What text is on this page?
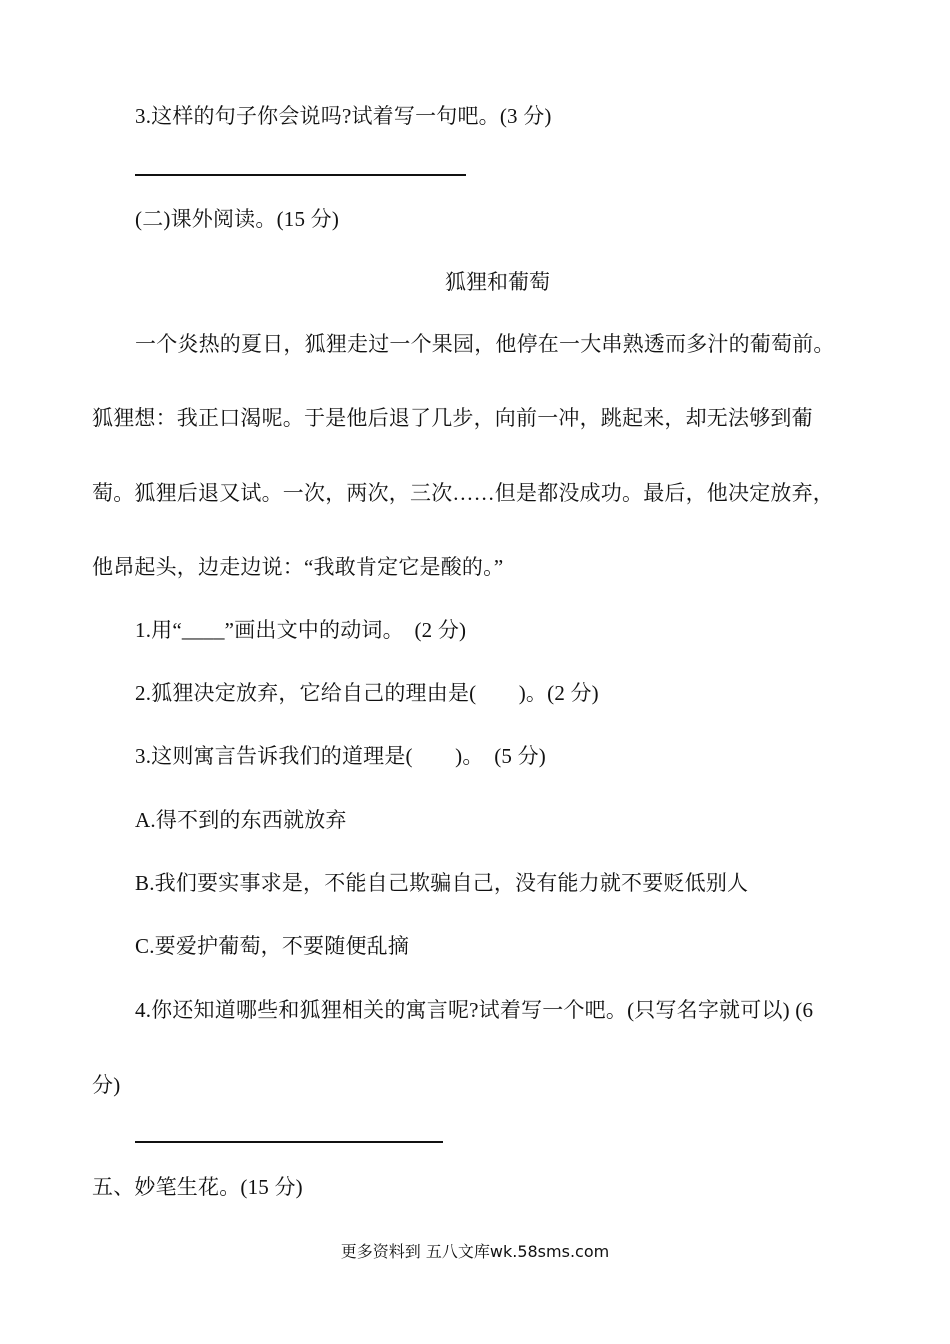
3.这样的句子你会说吗?试着写一句吧。(3 分)
(二)课外阅读。(15 分)
狐狸和葡萄
一个炎热的夏日，狐狸走过一个果园，他停在一大串熟透而多汁的葡萄前。
狐狸想：我正口渴呢。于是他后退了几步，向前一冲，跳起来，却无法够到葡
萄。狐狸后退又试。一次，两次，三次……但是都没成功。最后，他决定放弃，
他昂起头，边走边说：“我敢肯定它是酸的。”
1.用“____”画出文中的动词。　(2 分)
2.狐狸决定放弃，它给自己的理由是(　　)。(2 分)
3.这则寓言告诉我们的道理是(　　)。　(5 分)
A.得不到的东西就放弃
B.我们要实事求是，不能自己欺骗自己，没有能力就不要贬低别人
C.要爱护葡萄，不要随便乱摘
4.你还知道哪些和狐狸相关的寓言呢?试着写一个吧。(只写名字就可以) (6
分)
五、妙笔生花。(15 分)
更多资料到 五八文库wk.58sms.com
